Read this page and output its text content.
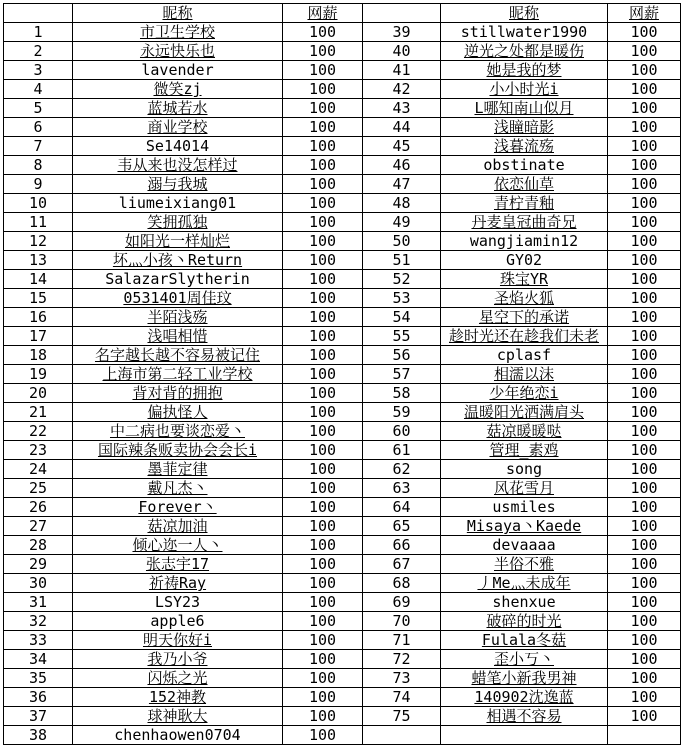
	昵称	网薪		昵称	网薪
1	市卫生学校	100	39	stillwater1990	100
2	永远快乐也	100	40	逆光之处都是暖伤	100
3	lavender	100	41	她是我的梦	100
4	微笑zj	100	42	小小时光i	100
5	蓝城若水	100	43	L哪知南山似月	100
6	商业学校	100	44	浅瞳暗影	100
7	Se14014	100	45	浅暮流殇	100
8	韦从来也没怎样过	100	46	obstinate	100
9	溺与我城	100	47	依恋仙草	100
10	liumeixiang01	100	48	青柠青釉	100
11	笑拥孤独	100	49	丹麦皇冠曲奇兄	100
12	如阳光一样灿烂	100	50	wangjiamin12	100
13	坏灬小孩丶Return	100	51	GY02	100
14	SalazarSlytherin	100	52	珠宝YR	100
15	0531401周佳玟	100	53	圣焰火狐	100
16	半陌浅殇	100	54	星空下的承诺	100
17	浅唱相惜	100	55	趁时光还在趁我们未老	100
18	名字越长越不容易被记住	100	56	cplasf	100
19	上海市第二轻工业学校	100	57	相濡以沫	100
20	背对背的拥抱	100	58	少年绝恋i	100
21	偏执怪人	100	59	温暖阳光洒满肩头	100
22	中二病也要谈恋爱丶	100	60	菇凉暖暖哒	100
23	国际辣条贩卖协会会长i	100	61	管理_素鸡	100
24	墨菲定律	100	62	song	100
25	戴凡杰丶	100	63	风花雪月	100
26	Forever丶	100	64	usmiles	100
27	菇凉加油	100	65	Misaya丶Kaede	100
28	倾心迩一人丶	100	66	devaaaa	100
29	张志宇17	100	67	半俗不雅	100
30	祈祷Ray	100	68	丿Me灬未成年	100
31	LSY23	100	69	shenxue	100
32	apple6	100	70	破碎的时光	100
33	明天你好i	100	71	Fulala冬菇	100
34	我乃小爷	100	72	歪小丂丶	100
35	闪烁之光	100	73	蜡笔小新我男神	100
36	152神教	100	74	140902沈逸蓝	100
37	球神耿大	100	75	相遇不容易	100
38	chenhaowen0704	100			
